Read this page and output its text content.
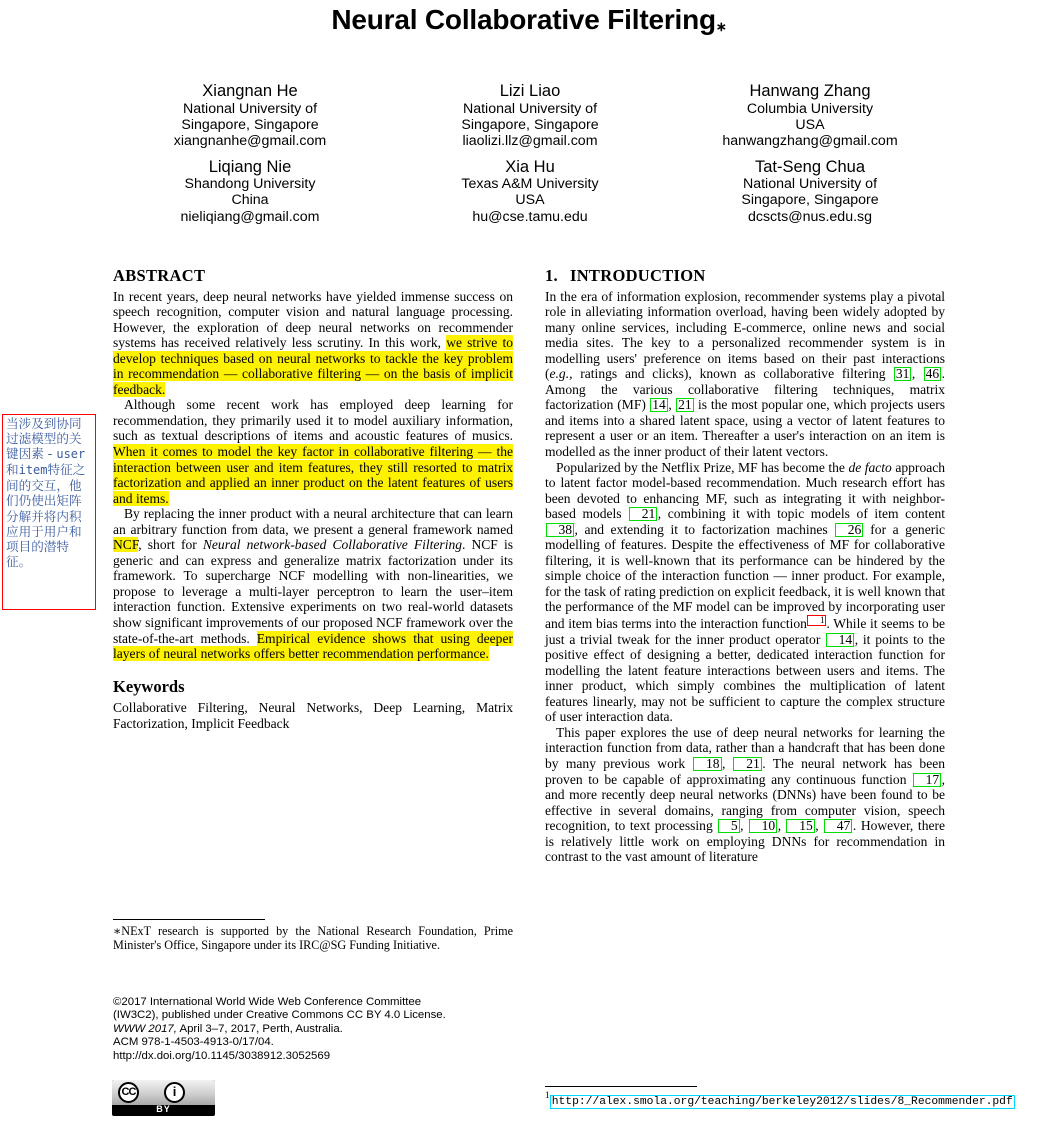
Neural Collaborative Filtering∗
Xiangnan He
National University of
Singapore, Singapore
xiangnanhe@gmail.com
Lizi Liao
National University of
Singapore, Singapore
liaolizi.llz@gmail.com
Hanwang Zhang
Columbia University
USA
hanwangzhang@gmail.com
Liqiang Nie
Shandong University
China
nieliqiang@gmail.com
Xia Hu
Texas A&M University
USA
hu@cse.tamu.edu
Tat-Seng Chua
National University of
Singapore, Singapore
dcscts@nus.edu.sg
ABSTRACT

In recent years, deep neural networks have yielded immense success on speech recognition, computer vision and natural language processing. However, the exploration of deep neural networks on recommender systems has received relatively less scrutiny. In this work, we strive to develop techniques based on neural networks to tackle the key problem in recommendation — collaborative filtering — on the basis of implicit feedback.

Although some recent work has employed deep learning for recommendation, they primarily used it to model auxiliary information, such as textual descriptions of items and acoustic features of musics. When it comes to model the key factor in collaborative filtering — the interaction between user and item features, they still resorted to matrix factorization and applied an inner product on the latent features of users and items.

By replacing the inner product with a neural architecture that can learn an arbitrary function from data, we present a general framework named NCF, short for Neural network-based Collaborative Filtering. NCF is generic and can express and generalize matrix factorization under its framework. To supercharge NCF modelling with non-linearities, we propose to leverage a multi-layer perceptron to learn the user–item interaction function. Extensive experiments on two real-world datasets show significant improvements of our proposed NCF framework over the state-of-the-art methods. Empirical evidence shows that using deeper layers of neural networks offers better recommendation performance.

Keywords

Collaborative Filtering, Neural Networks, Deep Learning, Matrix Factorization, Implicit Feedback

∗NExT research is supported by the National Research Foundation, Prime Minister's Office, Singapore under its IRC@SG Funding Initiative.
©2017 International World Wide Web Conference Committee
(IW3C2), published under Creative Commons CC BY 4.0 License.
WWW 2017, April 3–7, 2017, Perth, Australia.
ACM 978-1-4503-4913-0/17/04.
http://dx.doi.org/10.1145/3038912.3052569
CC	i
BY
1. INTRODUCTION

In the era of information explosion, recommender systems play a pivotal role in alleviating information overload, having been widely adopted by many online services, including E-commerce, online news and social media sites. The key to a personalized recommender system is in modelling users' preference on items based on their past interactions (e.g., ratings and clicks), known as collaborative filtering 31 , 46 . Among the various collaborative filtering techniques, matrix factorization (MF) 14 , 21 is the most popular one, which projects users and items into a shared latent space, using a vector of latent features to represent a user or an item. Thereafter a user's interaction on an item is modelled as the inner product of their latent vectors.

Popularized by the Netflix Prize, MF has become the de facto approach to latent factor model-based recommendation. Much research effort has been devoted to enhancing MF, such as integrating it with neighbor-based models 21 , combining it with topic models of item content 38 , and extending it to factorization machines 26 for a generic modelling of features. Despite the effectiveness of MF for collaborative filtering, it is well-known that its performance can be hindered by the simple choice of the interaction function — inner product. For example, for the task of rating prediction on explicit feedback, it is well known that the performance of the MF model can be improved by incorporating user and item bias terms into the interaction function 1 . While it seems to be just a trivial tweak for the inner product operator 14 , it points to the positive effect of designing a better, dedicated interaction function for modelling the latent feature interactions between users and items. The inner product, which simply combines the multiplication of latent features linearly, may not be sufficient to capture the complex structure of user interaction data.

This paper explores the use of deep neural networks for learning the interaction function from data, rather than a handcraft that has been done by many previous work 18 , 21 . The neural network has been proven to be capable of approximating any continuous function 17 , and more recently deep neural networks (DNNs) have been found to be effective in several domains, ranging from computer vision, speech recognition, to text processing 5 , 10 , 15 , 47 . However, there is relatively little work on employing DNNs for recommendation in contrast to the vast amount of literature

$^1$ http://alex.smola.org/teaching/berkeley2012/slides/8_Recommender.pdf
当涉及到协同过滤模型的关键因素 - user和item特征之间的交互，他们仍使出矩阵分解并将内积应用于用户和项目的潜特征。
